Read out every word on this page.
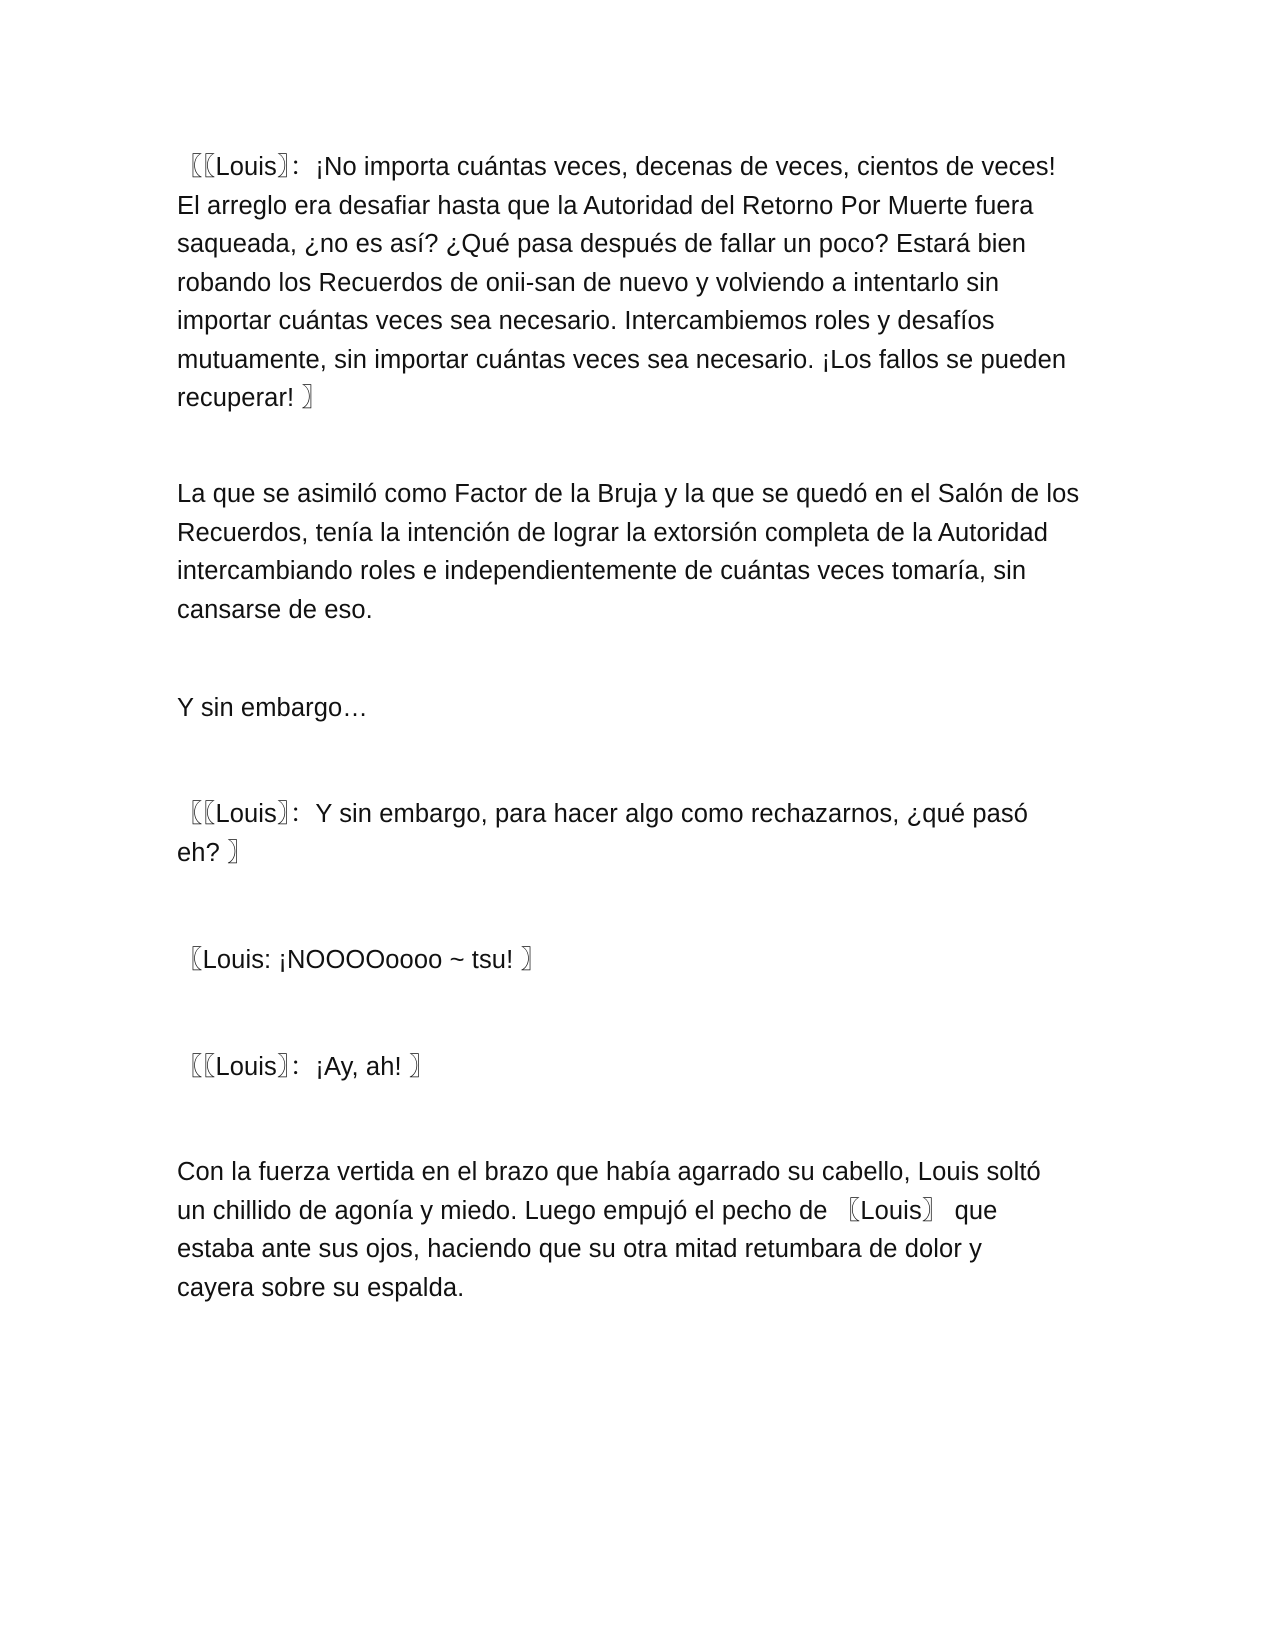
〖〖Louis〗：¡No importa cuántas veces, decenas de veces, cientos de veces!
El arreglo era desafiar hasta que la Autoridad del Retorno Por Muerte fuera
saqueada, ¿no es así? ¿Qué pasa después de fallar un poco? Estará bien
robando los Recuerdos de onii-san de nuevo y volviendo a intentarlo sin
importar cuántas veces sea necesario. Intercambiemos roles y desafíos
mutuamente, sin importar cuántas veces sea necesario. ¡Los fallos se pueden
recuperar! 〗
La que se asimiló como Factor de la Bruja y la que se quedó en el Salón de los
Recuerdos, tenía la intención de lograr la extorsión completa de la Autoridad
intercambiando roles e independientemente de cuántas veces tomaría, sin
cansarse de eso.
Y sin embargo…
〖〖Louis〗：Y sin embargo, para hacer algo como rechazarnos, ¿qué pasó
eh? 〗
〖Louis: ¡NOOOOoooo ~ tsu! 〗
〖〖Louis〗：¡Ay, ah! 〗
Con la fuerza vertida en el brazo que había agarrado su cabello, Louis soltó
un chillido de agonía y miedo. Luego empujó el pecho de 〖Louis〗 que
estaba ante sus ojos, haciendo que su otra mitad retumbara de dolor y
cayera sobre su espalda.
